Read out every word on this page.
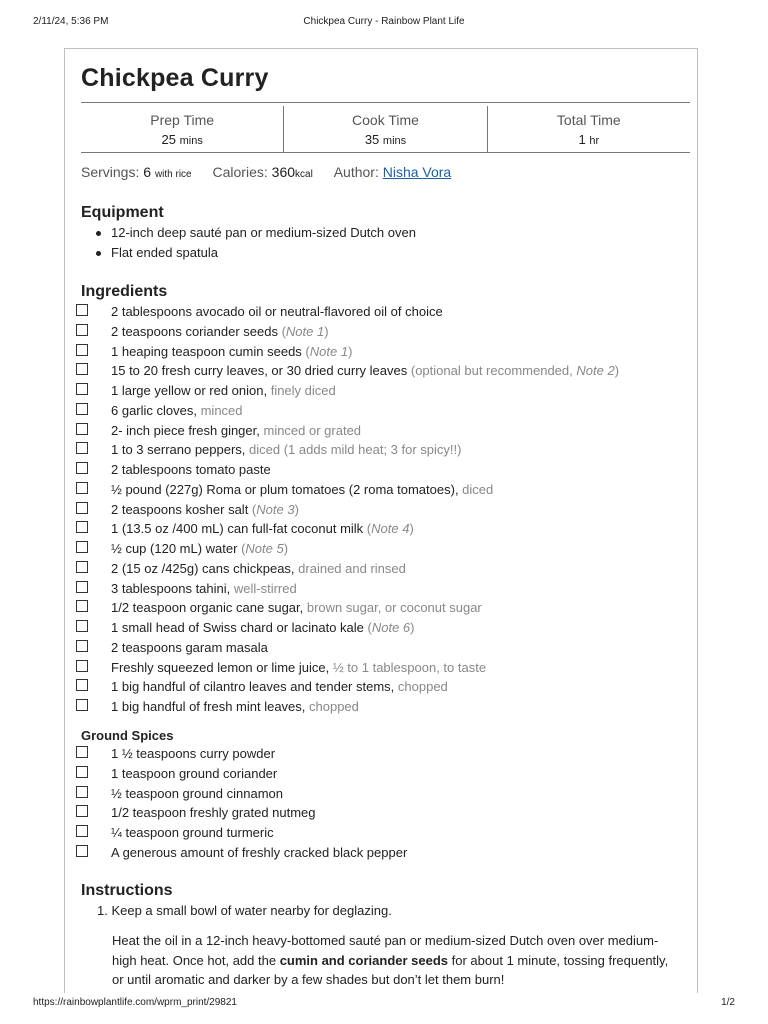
2/11/24, 5:36 PM	Chickpea Curry - Rainbow Plant Life
Chickpea Curry
Prep Time
25 mins
Cook Time
35 mins
Total Time
1 hr
Servings: 6 with rice Calories: 360kcal Author: Nisha Vora
Equipment
12-inch deep sauté pan or medium-sized Dutch oven
Flat ended spatula
Ingredients
2 tablespoons avocado oil or neutral-flavored oil of choice
2 teaspoons coriander seeds (Note 1)
1 heaping teaspoon cumin seeds (Note 1)
15 to 20 fresh curry leaves, or 30 dried curry leaves (optional but recommended, Note 2)
1 large yellow or red onion, finely diced
6 garlic cloves, minced
2- inch piece fresh ginger, minced or grated
1 to 3 serrano peppers, diced (1 adds mild heat; 3 for spicy!!)
2 tablespoons tomato paste
½ pound (227g) Roma or plum tomatoes (2 roma tomatoes), diced
2 teaspoons kosher salt (Note 3)
1 (13.5 oz /400 mL) can full-fat coconut milk (Note 4)
½ cup (120 mL) water (Note 5)
2 (15 oz /425g) cans chickpeas, drained and rinsed
3 tablespoons tahini, well-stirred
1/2 teaspoon organic cane sugar, brown sugar, or coconut sugar
1 small head of Swiss chard or lacinato kale (Note 6)
2 teaspoons garam masala
Freshly squeezed lemon or lime juice, ½ to 1 tablespoon, to taste
1 big handful of cilantro leaves and tender stems, chopped
1 big handful of fresh mint leaves, chopped
Ground Spices
1 ½ teaspoons curry powder
1 teaspoon ground coriander
½ teaspoon ground cinnamon
1/2 teaspoon freshly grated nutmeg
¼ teaspoon ground turmeric
A generous amount of freshly cracked black pepper
Instructions
1. Keep a small bowl of water nearby for deglazing.
Heat the oil in a 12-inch heavy-bottomed sauté pan or medium-sized Dutch oven over medium-high heat. Once hot, add the cumin and coriander seeds for about 1 minute, tossing frequently, or until aromatic and darker by a few shades but don’t let them burn!
https://rainbowplantlife.com/wprm_print/29821	1/2
